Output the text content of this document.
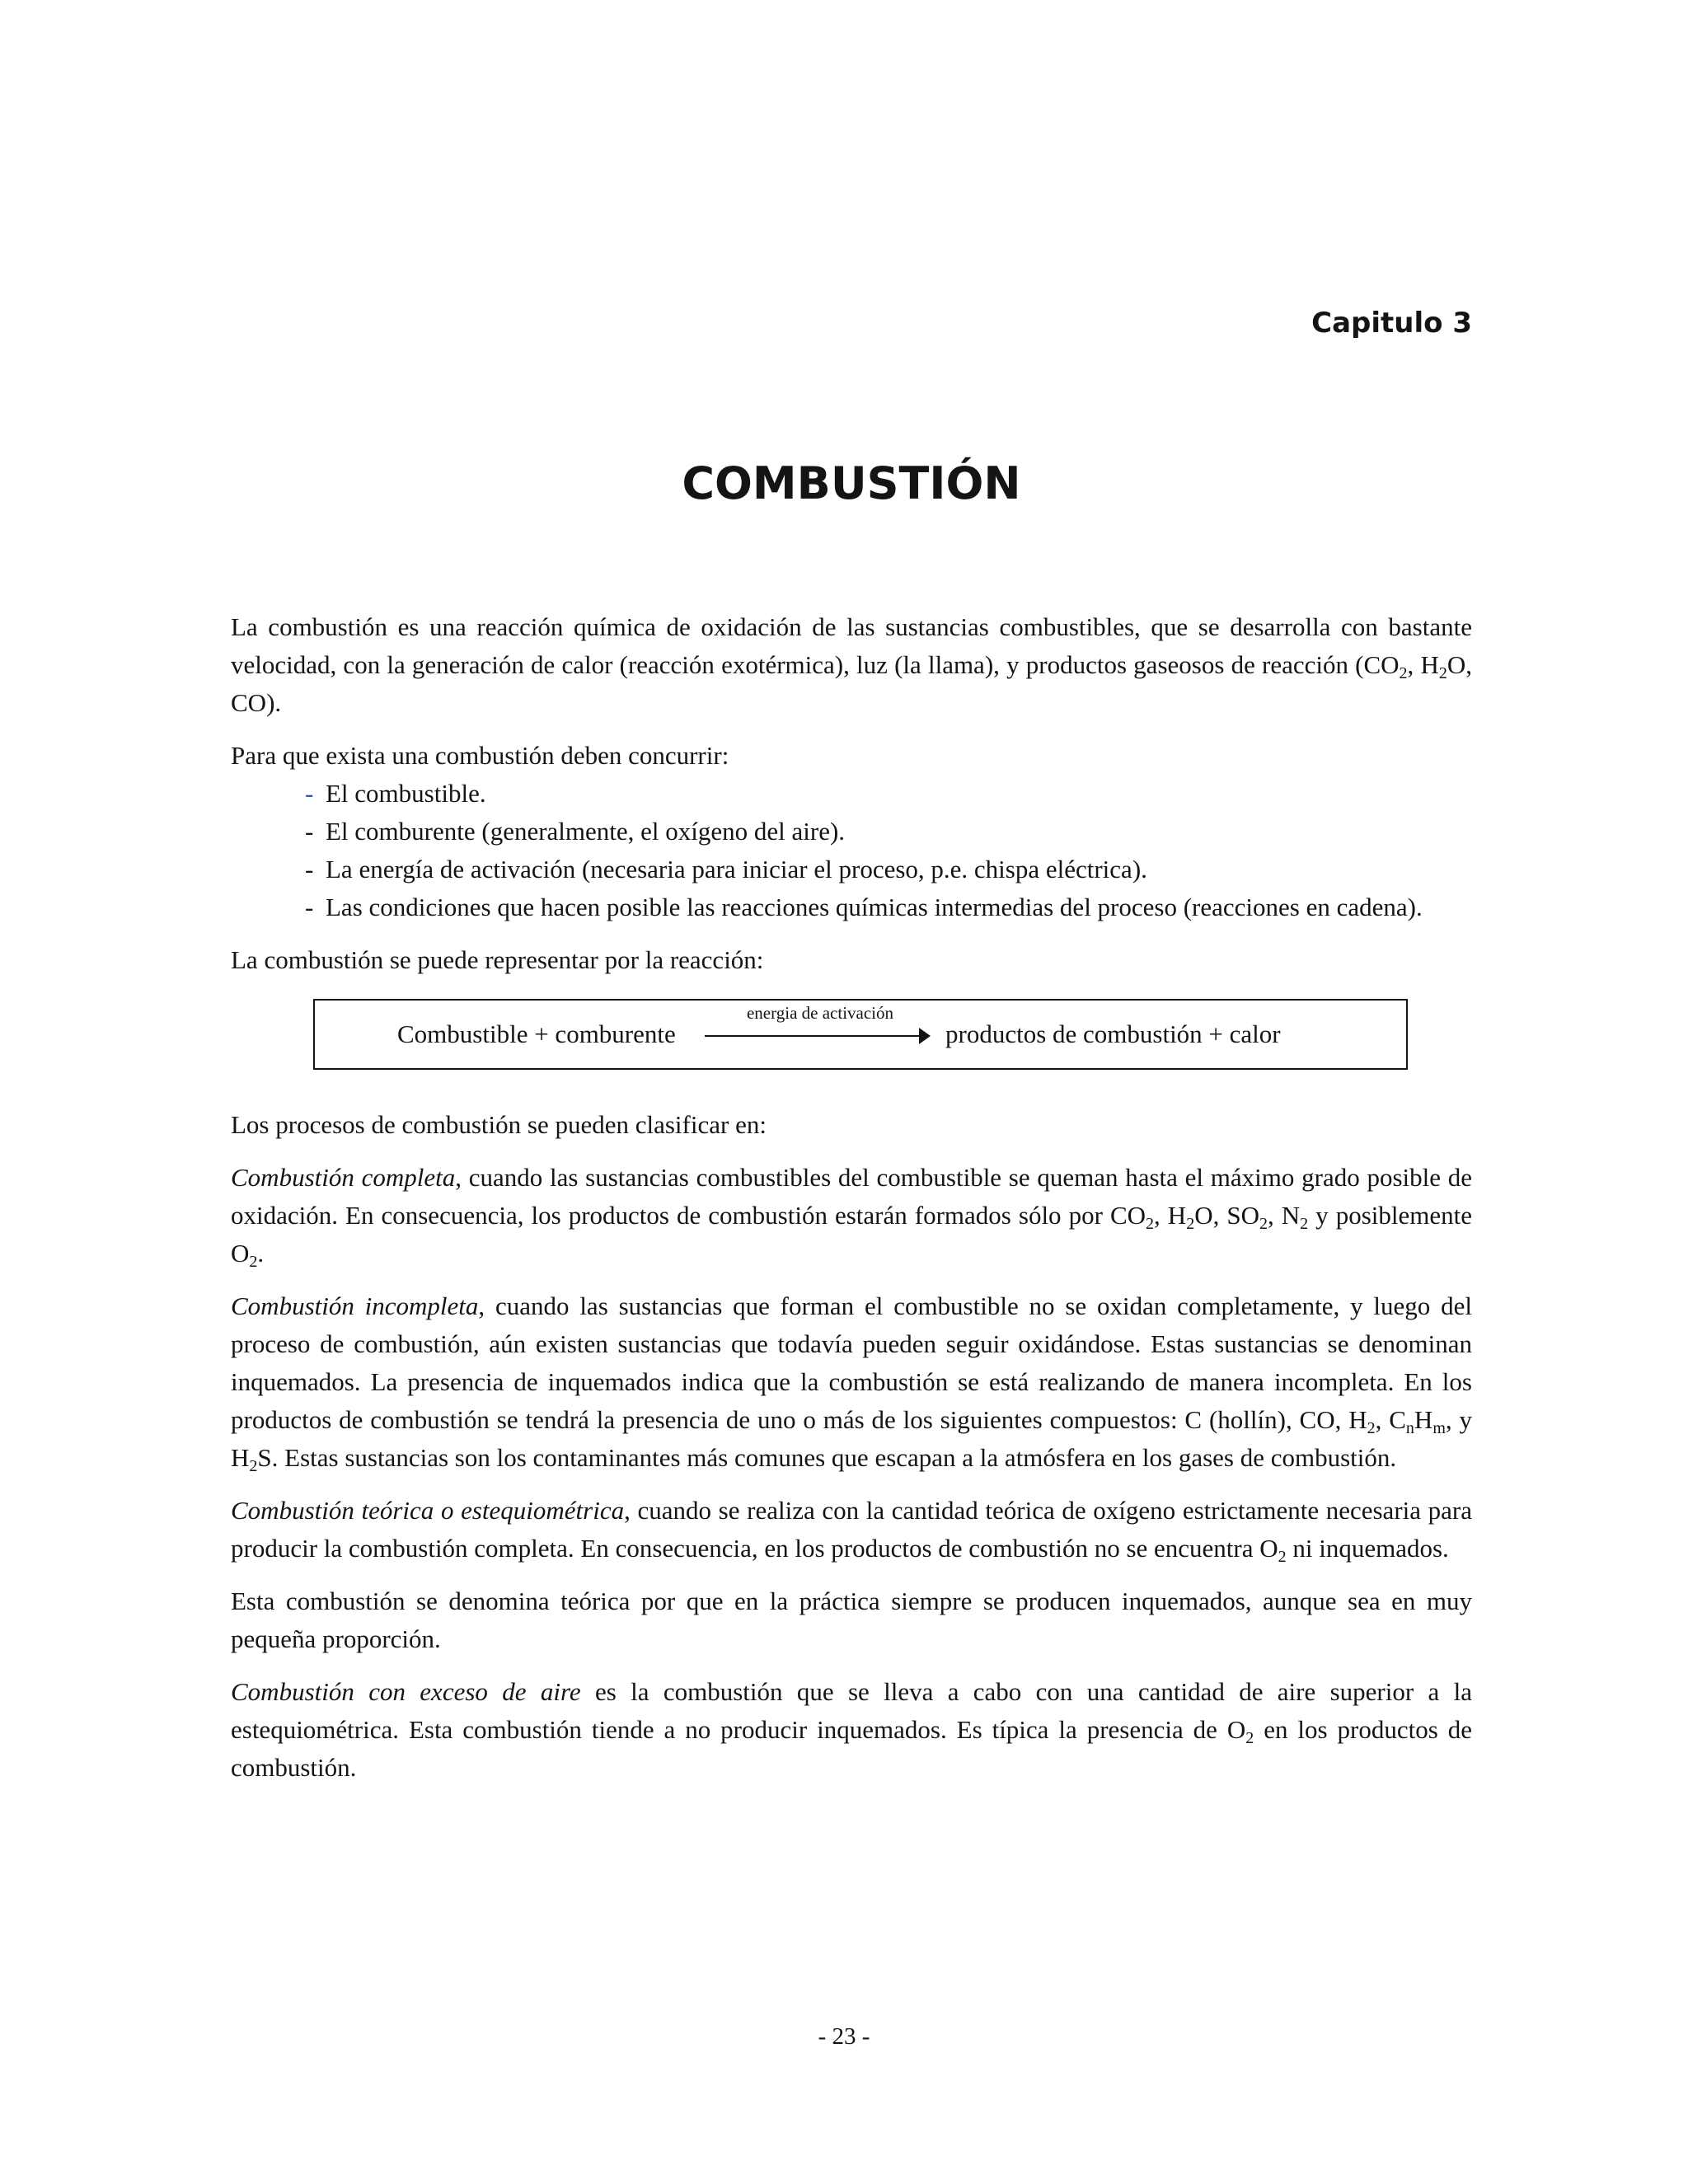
Capitulo 3
COMBUSTIÓN

La combustión es una reacción química de oxidación de las sustancias combustibles, que se desarrolla con bastante velocidad, con la generación de calor (reacción exotérmica), luz (la llama), y productos gaseosos de reacción ($CO_2$, $H_2O$, CO).

Para que exista una combustión deben concurrir:

- El combustible.
- El comburente (generalmente, el oxígeno del aire).
- La energía de activación (necesaria para iniciar el proceso, p.e. chispa eléctrica).
- Las condiciones que hacen posible las reacciones químicas intermedias del proceso (reacciones en cadena).

La combustión se puede representar por la reacción:

Combustible + comburente
energia de activación
productos de combustión + calor

Los procesos de combustión se pueden clasificar en:

Combustión completa, cuando las sustancias combustibles del combustible se queman hasta el máximo grado posible de oxidación. En consecuencia, los productos de combustión estarán formados sólo por $CO_2$, $H_2O$, $SO_2$, $N_2$ y posiblemente $O_2$.

Combustión incompleta, cuando las sustancias que forman el combustible no se oxidan completamente, y luego del proceso de combustión, aún existen sustancias que todavía pueden seguir oxidándose. Estas sustancias se denominan inquemados. La presencia de inquemados indica que la combustión se está realizando de manera incompleta. En los productos de combustión se tendrá la presencia de uno o más de los siguientes compuestos: C (hollín), CO, $H_2$, $C_nH_m$, y $H_2S$. Estas sustancias son los contaminantes más comunes que escapan a la atmósfera en los gases de combustión.

Combustión teórica o estequiométrica, cuando se realiza con la cantidad teórica de oxígeno estrictamente necesaria para producir la combustión completa. En consecuencia, en los productos de combustión no se encuentra $O_2$ ni inquemados.

Esta combustión se denomina teórica por que en la práctica siempre se producen inquemados, aunque sea en muy pequeña proporción.

Combustión con exceso de aire es la combustión que se lleva a cabo con una cantidad de aire superior a la estequiométrica. Esta combustión tiende a no producir inquemados. Es típica la presencia de $O_2$ en los productos de combustión.

- 23 -
